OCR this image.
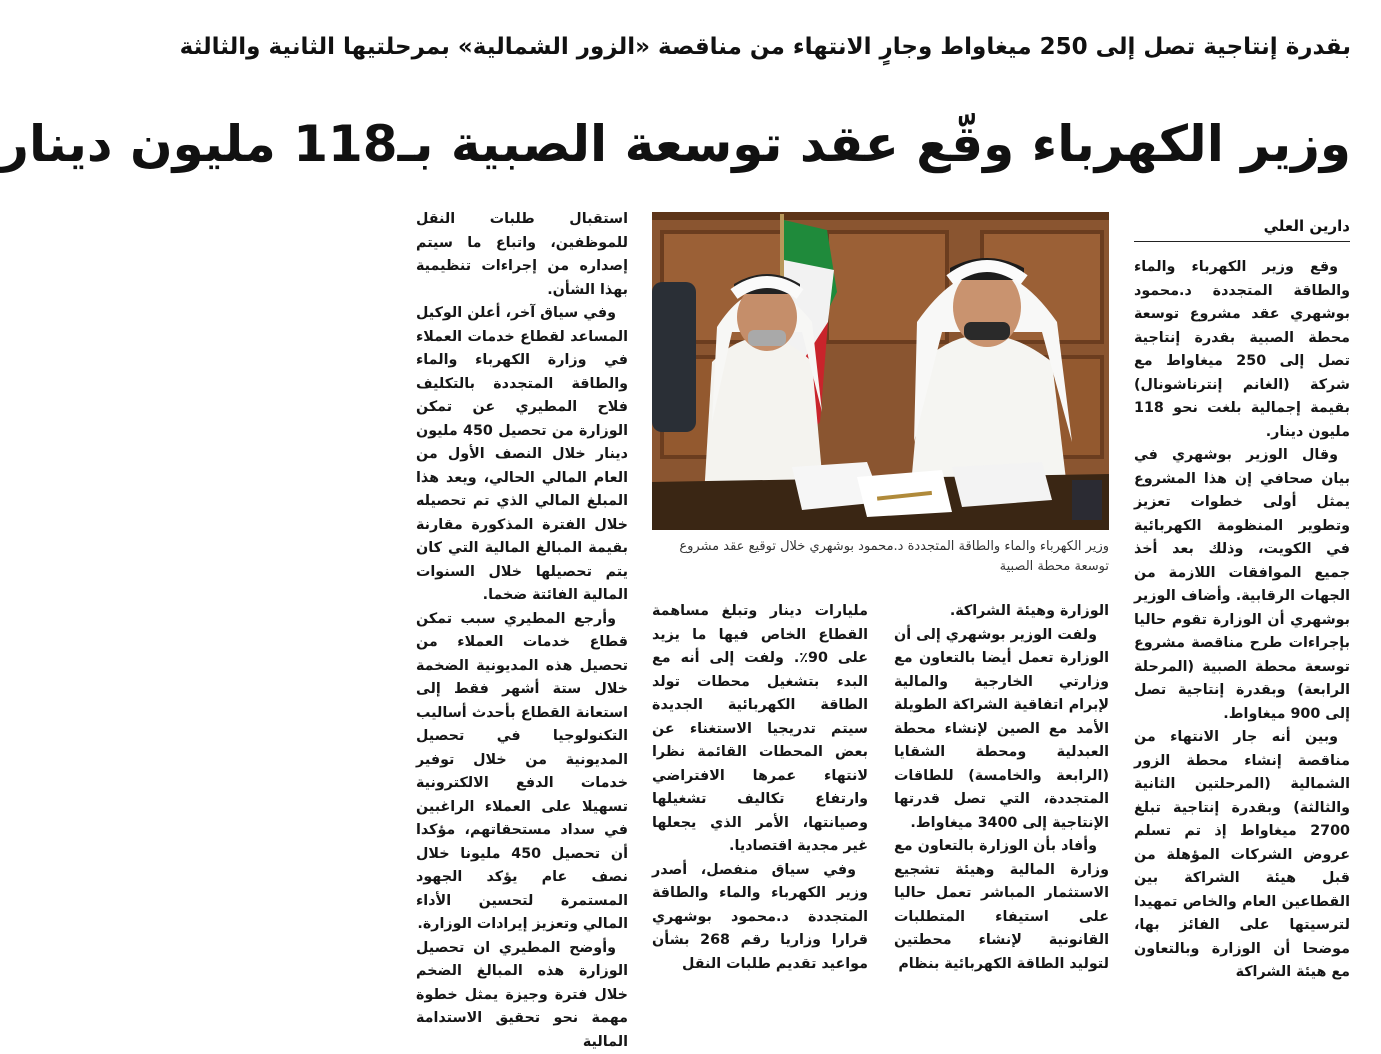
بقدرة إنتاجية تصل إلى 250 ميغاواط وجارٍ الانتهاء من مناقصة «الزور الشمالية» بمرحلتيها الثانية والثالثة
وزير الكهرباء وقّع عقد توسعة الصبية بـ118 مليون دينار
دارين العلي

وقع وزير الكهرباء والماء والطاقة المتجددة د.محمود بوشهري عقد مشروع توسعة محطة الصبية بقدرة إنتاجية تصل إلى 250 ميغاواط مع شركة (الغانم إنترناشونال) بقيمة إجمالية بلغت نحو 118 مليون دينار.

وقال الوزير بوشهري في بيان صحافي إن هذا المشروع يمثل أولى خطوات تعزيز وتطوير المنظومة الكهربائية في الكويت، وذلك بعد أخذ جميع الموافقات اللازمة من الجهات الرقابية. وأضاف الوزير بوشهري أن الوزارة تقوم حاليا بإجراءات طرح مناقصة مشروع توسعة محطة الصبية (المرحلة الرابعة) وبقدرة إنتاجية تصل إلى 900 ميغاواط.

وبين أنه جار الانتهاء من مناقصة إنشاء محطة الزور الشمالية (المرحلتين الثانية والثالثة) وبقدرة إنتاجية تبلغ 2700 ميغاواط إذ تم تسلم عروض الشركات المؤهلة من قبل هيئة الشراكة بين القطاعين العام والخاص تمهيدا لترسيتها على الفائز بها، موضحا أن الوزارة وبالتعاون مع هيئة الشراكة

وزير الكهرباء والماء والطاقة المتجددة د.محمود بوشهري خلال توقيع عقد مشروع توسعة محطة الصبية

الوزارة وهيئة الشراكة.

ولفت الوزير بوشهري إلى أن الوزارة تعمل أيضا بالتعاون مع وزارتي الخارجية والمالية لإبرام اتفاقية الشراكة الطويلة الأمد مع الصين لإنشاء محطة العبدلية ومحطة الشقايا (الرابعة والخامسة) للطاقات المتجددة، التي تصل قدرتها الإنتاجية إلى 3400 ميغاواط.

وأفاد بأن الوزارة بالتعاون مع وزارة المالية وهيئة تشجيع الاستثمار المباشر تعمل حاليا على استيفاء المتطلبات القانونية لإنشاء محطتين لتوليد الطاقة الكهربائية بنظام

مليارات دينار وتبلغ مساهمة القطاع الخاص فيها ما يزيد على 90٪. ولفت إلى أنه مع البدء بتشغيل محطات تولد الطاقة الكهربائية الجديدة سيتم تدريجيا الاستغناء عن بعض المحطات القائمة نظرا لانتهاء عمرها الافتراضي وارتفاع تكاليف تشغيلها وصيانتها، الأمر الذي يجعلها غير مجدية اقتصاديا.

وفي سياق منفصل، أصدر وزير الكهرباء والماء والطاقة المتجددة د.محمود بوشهري قرارا وزاريا رقم 268 بشأن مواعيد تقديم طلبات النقل

استقبال طلبات النقل للموظفين، واتباع ما سيتم إصداره من إجراءات تنظيمية بهذا الشأن.

وفي سياق آخر، أعلن الوكيل المساعد لقطاع خدمات العملاء في وزارة الكهرباء والماء والطاقة المتجددة بالتكليف فلاح المطيري عن تمكن الوزارة من تحصيل 450 مليون دينار خلال النصف الأول من العام المالي الحالي، ويعد هذا المبلغ المالي الذي تم تحصيله خلال الفترة المذكورة مقارنة بقيمة المبالغ المالية التي كان يتم تحصيلها خلال السنوات المالية الفائتة ضخما.

وأرجع المطيري سبب تمكن قطاع خدمات العملاء من تحصيل هذه المديونية الضخمة خلال ستة أشهر فقط إلى استعانة القطاع بأحدث أساليب التكنولوجيا في تحصيل المديونية من خلال توفير خدمات الدفع الالكترونية تسهيلا على العملاء الراغبين في سداد مستحقاتهم، مؤكدا أن تحصيل 450 مليونا خلال نصف عام يؤكد الجهود المستمرة لتحسين الأداء المالي وتعزيز إيرادات الوزارة.

وأوضح المطيري ان تحصيل الوزارة هذه المبالغ الضخم خلال فترة وجيزة يمثل خطوة مهمة نحو تحقيق الاستدامة المالية
